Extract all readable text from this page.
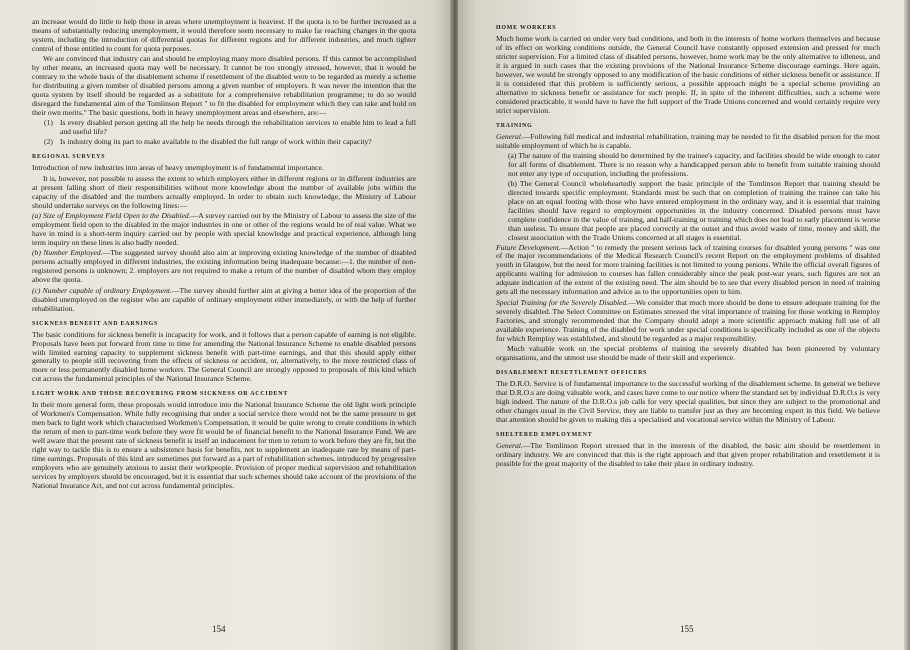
an increase would do little to help those in areas where unemployment is heaviest. If the quota is to be further increased as a means of substantially reducing unemployment, it would therefore seem necessary to make far reaching changes in the quota system, including the introduction of differential quotas for different regions and for different industries, and much tighter control of those entitled to count for quota purposes.

We are convinced that industry can and should be employing many more disabled persons. If this cannot be accomplished by other means, an increased quota may well be necessary. It cannot be too strongly stressed, however, that it would be contrary to the whole basis of the disablement scheme if resettlement of the disabled were to be regarded as merely a scheme for distributing a given number of disabled persons among a given number of employers. It was never the intention that the quota system by itself should be regarded as a substitute for a comprehensive rehabilitation programme; to do so would disregard the fundamental aim of the Tomlinson Report " to fit the disabled for employment which they can take and hold on their own merits." The basic questions, both in heavy unemployment areas and elsewhere, are:—

(1) Is every disabled person getting all the help he needs through the rehabilitation services to enable him to lead a full and useful life?
(2) Is industry doing its part to make available to the disabled the full range of work within their capacity?
REGIONAL SURVEYS

Introduction of new industries into areas of heavy unemployment is of fundamental importance.

It is, however, not possible to assess the extent to which employers either in different regions or in different industries are at present falling short of their responsibilities without more knowledge about the number of available jobs within the capacity of the disabled and the numbers actually employed. In order to obtain such knowledge, the Ministry of Labour should undertake surveys on the following lines:—

(a) Size of Employment Field Open to the Disabled.—A survey carried out by the Ministry of Labour to assess the size of the employment field open to the disabled in the major industries in one or other of the regions would be of real value. What we have in mind is a short-term inquiry carried out by people with special knowledge and practical experience, although long term inquiry on these lines is also badly needed.

(b) Number Employed.—The suggested survey should also aim at improving existing knowledge of the number of disabled persons actually employed in different industries, the existing information being inadequate because:—1. the number of non-registered persons is unknown; 2. employers are not required to make a return of the number of disabled whom they employ above the quota.

(c) Number capable of ordinary Employment.—The survey should further aim at giving a better idea of the proportion of the disabled unemployed on the register who are capable of ordinary employment either immediately, or with the help of further rehabilitation.

SICKNESS BENEFIT AND EARNINGS

The basic conditions for sickness benefit is incapacity for work, and it follows that a person capable of earning is not eligible. Proposals have been put forward from time to time for amending the National Insurance Scheme to enable disabled persons with limited earning capacity to supplement sickness benefit with part-time earnings, and that this should apply either generally to people still recovering from the effects of sickness or accident, or, alternatively, to the more restricted class of more or less permanently disabled home workers. The General Council are strongly opposed to proposals of this kind which cut across the fundamental principles of the National Insurance Scheme.

LIGHT WORK AND THOSE RECOVERING FROM SICKNESS OR ACCIDENT

In their more general form, these proposals would introduce into the National Insurance Scheme the old light work principle of Workmen's Compensation. While fully recognising that under a social service there would not be the same pressure to get men back to light work which characterised Workmen's Compensation, it would be quite wrong to create conditions in which the return of men to part-time work before they were fit would be of financial benefit to the National Insurance Fund. We are well aware that the present rate of sickness benefit is itself an inducement for men to return to work before they are fit, but the right way to tackle this is to ensure a subsistence basis for benefits, not to supplement an inadequate rate by means of part-time earnings. Proposals of this kind are sometimes put forward as a part of rehabilitation schemes, introduced by progressive employers who are genuinely anxious to assist their workpeople. Provision of proper medical supervision and rehabilitation services by employers should be encouraged, but it is essential that such schemes should take account of the provisions of the National Insurance Act, and not cut across fundamental principles.

154
HOME WORKERS

Much home work is carried on under very bad conditions, and both in the interests of home workers themselves and because of its effect on working conditions outside, the General Council have constantly opposed extension and pressed for much stricter supervision. For a limited class of disabled persons, however, home work may be the only alternative to idleness, and it is argued in such cases that the existing provisions of the National Insurance Scheme discourage earnings. Here again, however, we would be strongly opposed to any modification of the basic conditions of either sickness benefit or assistance. If it is considered that this problem is sufficiently serious, a possible approach might be a special scheme providing an alternative to sickness benefit or assistance for such people. If, in spite of the inherent difficulties, such a scheme were considered practicable, it would have to have the full support of the Trade Unions concerned and would certainly require very strict supervision.

TRAINING

General.—Following full medical and industrial rehabilitation, training may be needed to fit the disabled person for the most suitable employment of which he is capable.

(a) The nature of the training should be determined by the trainee's capacity, and facilities should be wide enough to cater for all forms of disablement. There is no reason why a handicapped person able to benefit from suitable training should not enter any type of occupation, including the professions.

(b) The General Council wholeheartedly support the basic principle of the Tomlinson Report that training should be directed towards specific employment. Standards must be such that on completion of training the trainee can take his place on an equal footing with those who have entered employment in the ordinary way, and it is essential that training facilities should have regard to employment opportunities in the industry concerned. Disabled persons must have complete confidence in the value of training, and half-training or training which does not lead to early placement is worse than useless. To ensure that people are placed correctly at the outset and thus avoid waste of time, money and skill, the closest association with the Trade Unions concerned at all stages is essential.

Future Development.—Action " to remedy the present serious lack of training courses for disabled young persons " was one of the major recommendations of the Medical Research Council's recent Report on the employment problems of disabled youth in Glasgow, but the need for more training facilities is not limited to young persons. While the official overall figures of applicants waiting for admission to courses has fallen considerably since the peak post-war years, such figures are not an adquate indication of the extent of the existing need. The aim should be to see that every disabled person in need of training gets all the necessary information and advice as to the opportunities open to him.

Special Training for the Severely Disabled.—We consider that much more should be done to ensure adequate training for the severely disabled. The Select Committee on Estimates stressed the vital importance of training for those working in Remploy Factories, and strongly recommended that the Company should adopt a more scientific approach making full use of all available experience. Training of the disabled for work under special conditions is specifically included as one of the objects for which Remploy was established, and should be regarded as a major responsibility.

Much valuable work on the special problems of training the severely disabled has been pioneered by voluntary organisations, and the utmost use should be made of their skill and experience.

DISABLEMENT RESETTLEMENT OFFICERS

The D.R.O. Service is of fundamental importance to the successful working of the disablement scheme. In general we believe that D.R.O.s are doing valuable work, and cases have come to our notice where the standard set by individual D.R.O.s is very high indeed. The nature of the D.R.O.s job calls for very special qualities, but since they are subject to the promotional and other changes usual in the Civil Service, they are liable to transfer just as they are becoming expert in this field. We believe that attention should be given to making this a specialised and vocational service within the Ministry of Labour.

SHELTERED EMPLOYMENT

General.—The Tomlinson Report stressed that in the interests of the disabled, the basic aim should be resettlement in ordinary industry. We are convinced that this is the right approach and that given proper rehabilitation and resettlement it is possible for the great majority of the disabled to take their place in ordinary industry.

155
